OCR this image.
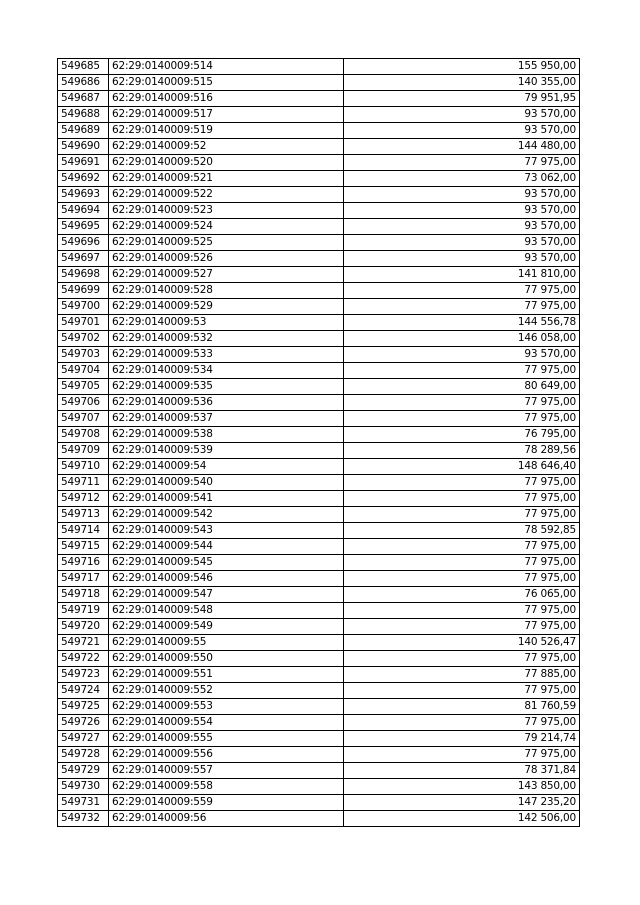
549685	62:29:0140009:514	155 950,00
549686	62:29:0140009:515	140 355,00
549687	62:29:0140009:516	79 951,95
549688	62:29:0140009:517	93 570,00
549689	62:29:0140009:519	93 570,00
549690	62:29:0140009:52	144 480,00
549691	62:29:0140009:520	77 975,00
549692	62:29:0140009:521	73 062,00
549693	62:29:0140009:522	93 570,00
549694	62:29:0140009:523	93 570,00
549695	62:29:0140009:524	93 570,00
549696	62:29:0140009:525	93 570,00
549697	62:29:0140009:526	93 570,00
549698	62:29:0140009:527	141 810,00
549699	62:29:0140009:528	77 975,00
549700	62:29:0140009:529	77 975,00
549701	62:29:0140009:53	144 556,78
549702	62:29:0140009:532	146 058,00
549703	62:29:0140009:533	93 570,00
549704	62:29:0140009:534	77 975,00
549705	62:29:0140009:535	80 649,00
549706	62:29:0140009:536	77 975,00
549707	62:29:0140009:537	77 975,00
549708	62:29:0140009:538	76 795,00
549709	62:29:0140009:539	78 289,56
549710	62:29:0140009:54	148 646,40
549711	62:29:0140009:540	77 975,00
549712	62:29:0140009:541	77 975,00
549713	62:29:0140009:542	77 975,00
549714	62:29:0140009:543	78 592,85
549715	62:29:0140009:544	77 975,00
549716	62:29:0140009:545	77 975,00
549717	62:29:0140009:546	77 975,00
549718	62:29:0140009:547	76 065,00
549719	62:29:0140009:548	77 975,00
549720	62:29:0140009:549	77 975,00
549721	62:29:0140009:55	140 526,47
549722	62:29:0140009:550	77 975,00
549723	62:29:0140009:551	77 885,00
549724	62:29:0140009:552	77 975,00
549725	62:29:0140009:553	81 760,59
549726	62:29:0140009:554	77 975,00
549727	62:29:0140009:555	79 214,74
549728	62:29:0140009:556	77 975,00
549729	62:29:0140009:557	78 371,84
549730	62:29:0140009:558	143 850,00
549731	62:29:0140009:559	147 235,20
549732	62:29:0140009:56	142 506,00
